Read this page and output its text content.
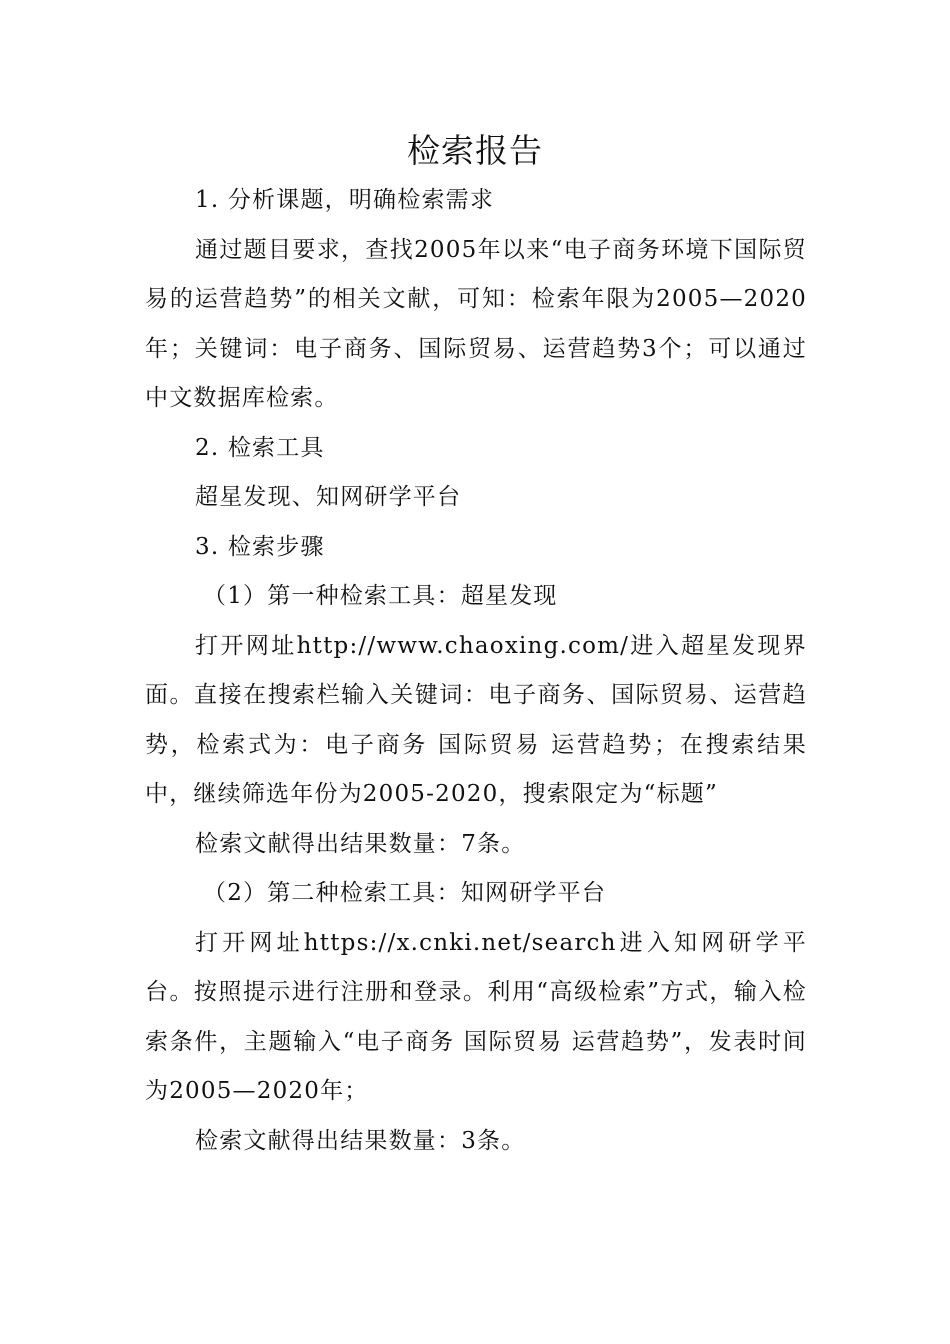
检索报告

1. 分析课题，明确检索需求

通过题目要求，查找2005年以来“电子商务环境下国际贸易的运营趋势”的相关文献，可知：检索年限为2005—2020年；关键词：电子商务、国际贸易、运营趋势3个；可以通过中文数据库检索。

2. 检索工具

超星发现、知网研学平台

3. 检索步骤

（1）第一种检索工具：超星发现

打开网址http://www.chaoxing.com/进入超星发现界面。直接在搜索栏输入关键词：电子商务、国际贸易、运营趋势，检索式为：电子商务 国际贸易 运营趋势；在搜索结果中，继续筛选年份为2005-2020，搜索限定为“标题”

检索文献得出结果数量：7条。

（2）第二种检索工具：知网研学平台

打开网址https://x.cnki.net/search进入知网研学平台。按照提示进行注册和登录。利用“高级检索”方式，输入检索条件，主题输入“电子商务 国际贸易 运营趋势”，发表时间为2005—2020年；

检索文献得出结果数量：3条。
